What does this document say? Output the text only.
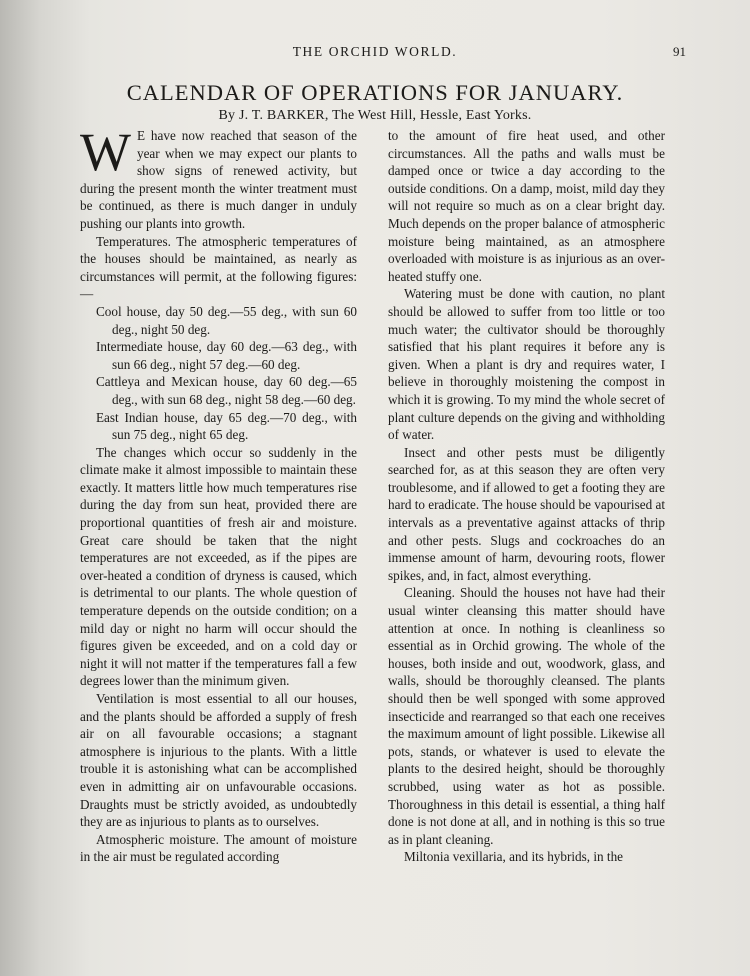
THE ORCHID WORLD.	91
CALENDAR OF OPERATIONS FOR JANUARY.
By J. T. BARKER, The West Hill, Hessle, East Yorks.

W E have now reached that season of the year when we may expect our plants to show signs of renewed activity, but during the present month the winter treatment must be continued, as there is much danger in unduly pushing our plants into growth.

Temperatures. The atmospheric temperatures of the houses should be maintained, as nearly as circumstances will permit, at the following figures:—

Cool house, day 50 deg.—55 deg., with sun 60 deg., night 50 deg.

Intermediate house, day 60 deg.—63 deg., with sun 66 deg., night 57 deg.—60 deg.

Cattleya and Mexican house, day 60 deg.—65 deg., with sun 68 deg., night 58 deg.—60 deg.

East Indian house, day 65 deg.—70 deg., with sun 75 deg., night 65 deg.

The changes which occur so suddenly in the climate make it almost impossible to maintain these exactly. It matters little how much temperatures rise during the day from sun heat, provided there are proportional quantities of fresh air and moisture. Great care should be taken that the night temperatures are not exceeded, as if the pipes are over-heated a condition of dryness is caused, which is detrimental to our plants. The whole question of temperature depends on the outside condition; on a mild day or night no harm will occur should the figures given be exceeded, and on a cold day or night it will not matter if the temperatures fall a few degrees lower than the minimum given.

Ventilation is most essential to all our houses, and the plants should be afforded a supply of fresh air on all favourable occasions; a stagnant atmosphere is injurious to the plants. With a little trouble it is astonishing what can be accomplished even in admitting air on unfavourable occasions. Draughts must be strictly avoided, as undoubtedly they are as injurious to plants as to ourselves.

Atmospheric moisture. The amount of moisture in the air must be regulated according

to the amount of fire heat used, and other circumstances. All the paths and walls must be damped once or twice a day according to the outside conditions. On a damp, moist, mild day they will not require so much as on a clear bright day. Much depends on the proper balance of atmospheric moisture being maintained, as an atmosphere overloaded with moisture is as injurious as an over-heated stuffy one.

Watering must be done with caution, no plant should be allowed to suffer from too little or too much water; the cultivator should be thoroughly satisfied that his plant requires it before any is given. When a plant is dry and requires water, I believe in thoroughly moistening the compost in which it is growing. To my mind the whole secret of plant culture depends on the giving and withholding of water.

Insect and other pests must be diligently searched for, as at this season they are often very troublesome, and if allowed to get a footing they are hard to eradicate. The house should be vapourised at intervals as a preventative against attacks of thrip and other pests. Slugs and cockroaches do an immense amount of harm, devouring roots, flower spikes, and, in fact, almost everything.

Cleaning. Should the houses not have had their usual winter cleansing this matter should have attention at once. In nothing is cleanliness so essential as in Orchid growing. The whole of the houses, both inside and out, woodwork, glass, and walls, should be thoroughly cleansed. The plants should then be well sponged with some approved insecticide and rearranged so that each one receives the maximum amount of light possible. Likewise all pots, stands, or whatever is used to elevate the plants to the desired height, should be thoroughly scrubbed, using water as hot as possible. Thoroughness in this detail is essential, a thing half done is not done at all, and in nothing is this so true as in plant cleaning.

Miltonia vexillaria, and its hybrids, in the
